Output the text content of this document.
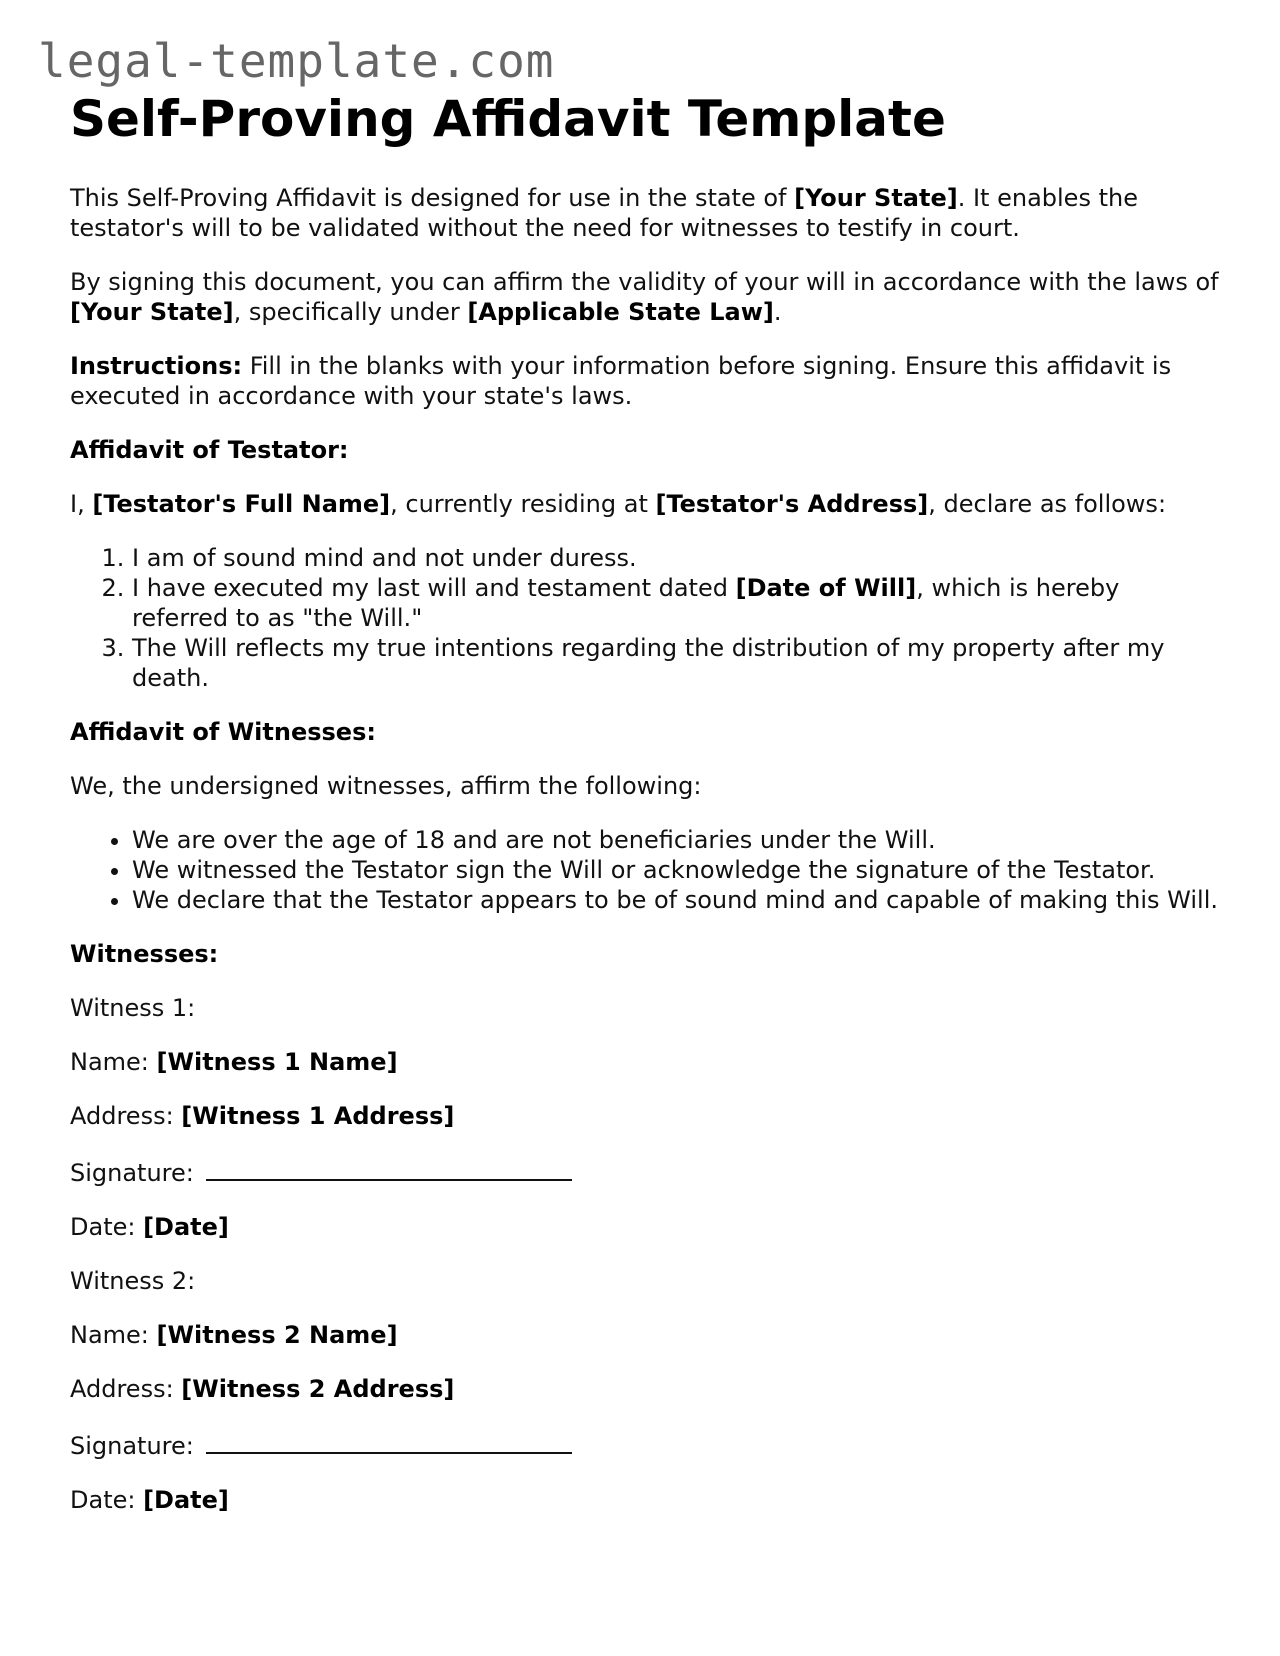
legal-template.com
Self-Proving Affidavit Template

This Self-Proving Affidavit is designed for use in the state of [Your State]. It enables the testator's will to be validated without the need for witnesses to testify in court.

By signing this document, you can affirm the validity of your will in accordance with the laws of [Your State], specifically under [Applicable State Law].

Instructions: Fill in the blanks with your information before signing. Ensure this affidavit is executed in accordance with your state's laws.

Affidavit of Testator:

I, [Testator's Full Name], currently residing at [Testator's Address], declare as follows:

1. I am of sound mind and not under duress.
2. I have executed my last will and testament dated [Date of Will], which is hereby referred to as "the Will."
3. The Will reflects my true intentions regarding the distribution of my property after my death.

Affidavit of Witnesses:

We, the undersigned witnesses, affirm the following:

• We are over the age of 18 and are not beneficiaries under the Will.
• We witnessed the Testator sign the Will or acknowledge the signature of the Testator.
• We declare that the Testator appears to be of sound mind and capable of making this Will.

Witnesses:

Witness 1:

Name: [Witness 1 Name]

Address: [Witness 1 Address]

Signature:

Date: [Date]

Witness 2:

Name: [Witness 2 Name]

Address: [Witness 2 Address]

Signature:

Date: [Date]
